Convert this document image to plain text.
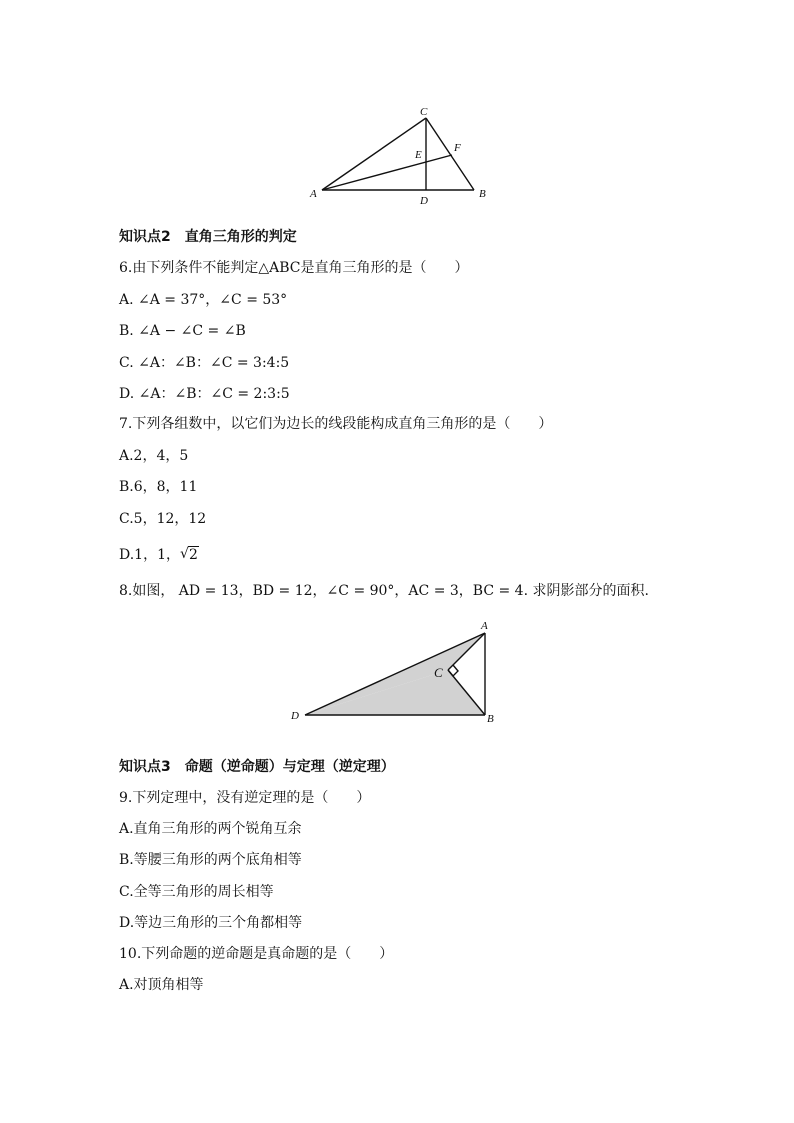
A
C
B
D
E
F
知识点2　直角三角形的判定
6.由下列条件不能判定△ABC是直角三角形的是（　　）
A. ∠A = 37°，∠C = 53°
B. ∠A − ∠C = ∠B
C. ∠A：∠B：∠C = 3:4:5
D. ∠A：∠B：∠C = 2:3:5
7.下列各组数中，以它们为边长的线段能构成直角三角形的是（　　）
A.2，4，5
B.6，8，11
C.5，12，12
D.1，1， √ 2
8.如图， AD = 13，BD = 12，∠C = 90°，AC = 3，BC = 4. 求阴影部分的面积.
A
B
C
D
知识点3　命题（逆命题）与定理（逆定理）
9.下列定理中，没有逆定理的是（　　）
A.直角三角形的两个锐角互余
B.等腰三角形的两个底角相等
C.全等三角形的周长相等
D.等边三角形的三个角都相等
10.下列命题的逆命题是真命题的是（　　）
A.对顶角相等
